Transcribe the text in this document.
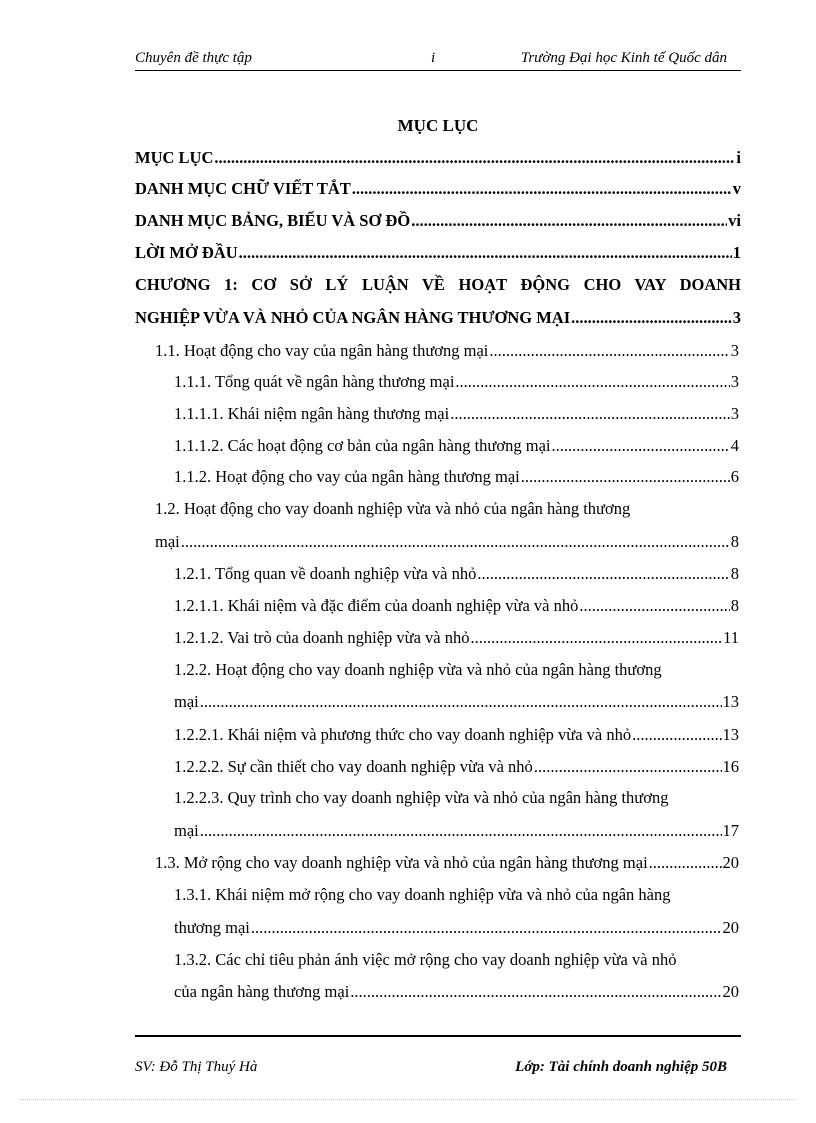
Chuyên đề thực tập	i	Trường Đại học Kinh tế Quốc dân
MỤC LỤC
MỤC LỤC .....	i
DANH MỤC CHỮ VIẾT TẮT .....	v
DANH MỤC BẢNG, BIỂU VÀ SƠ ĐỒ .....	vi
LỜI MỞ ĐẦU .....	1
CHƯƠNG 1: CƠ SỞ LÝ LUẬN VỀ HOẠT ĐỘNG CHO VAY DOANH
NGHIỆP VỪA VÀ NHỎ CỦA NGÂN HÀNG THƯƠNG MẠI .....	3
1.1. Hoạt động cho vay của ngân hàng thương mại .....	3
1.1.1. Tổng quát về ngân hàng thương mại .....	3
1.1.1.1. Khái niệm ngân hàng thương mại .....	3
1.1.1.2. Các hoạt động cơ bản của ngân hàng thương mại .....	4
1.1.2. Hoạt động cho vay của ngân hàng thương mại .....	6
1.2. Hoạt động cho vay doanh nghiệp vừa và nhỏ của ngân hàng thương
mại .....	8
1.2.1. Tổng quan về doanh nghiệp vừa và nhỏ .....	8
1.2.1.1. Khái niệm và đặc điểm của doanh nghiệp vừa và nhỏ .....	8
1.2.1.2. Vai trò của doanh nghiệp vừa và nhỏ .....	11
1.2.2. Hoạt động cho vay doanh nghiệp vừa và nhỏ của ngân hàng thương
mại .....	13
1.2.2.1. Khái niệm và phương thức cho vay doanh nghiệp vừa và nhỏ .....	13
1.2.2.2. Sự cần thiết cho vay doanh nghiệp vừa và nhỏ .....	16
1.2.2.3. Quy trình cho vay doanh nghiệp vừa và nhỏ của ngân hàng thương
mại .....	17
1.3. Mở rộng cho vay doanh nghiệp vừa và nhỏ của ngân hàng thương mại .....	20
1.3.1. Khái niệm mở rộng cho vay doanh nghiệp vừa và nhỏ của ngân hàng
thương mại .....	20
1.3.2. Các chỉ tiêu phản ánh việc mở rộng cho vay doanh nghiệp vừa và nhỏ
của ngân hàng thương mại .....	20
SV: Đỗ Thị Thuý Hà	Lớp: Tài chính doanh nghiệp 50B
